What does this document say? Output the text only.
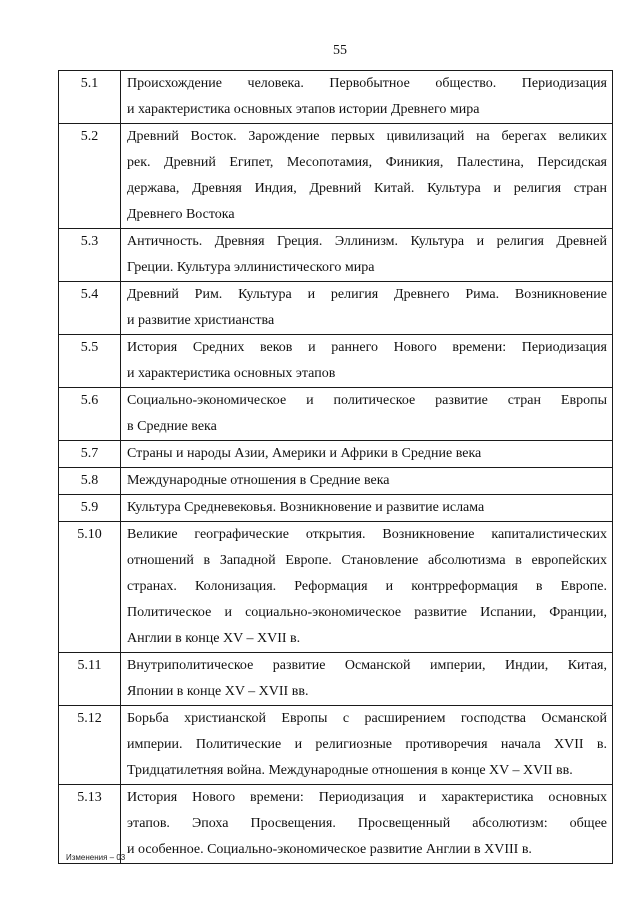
55
5.1	Происхождение человека. Первобытное общество. Периодизация
и характеристика основных этапов истории Древнего мира

5.2	Древний Восток. Зарождение первых цивилизаций на берегах великих
рек. Древний Египет, Месопотамия, Финикия, Палестина, Персидская
держава, Древняя Индия, Древний Китай. Культура и религия стран
Древнего Востока

5.3	Античность. Древняя Греция. Эллинизм. Культура и религия Древней
Греции. Культура эллинистического мира

5.4	Древний Рим. Культура и религия Древнего Рима. Возникновение
и развитие христианства

5.5	История Средних веков и раннего Нового времени: Периодизация
и характеристика основных этапов

5.6	Социально-экономическое и политическое развитие стран Европы
в Средние века

5.7	Страны и народы Азии, Америки и Африки в Средние века

5.8	Международные отношения в Средние века

5.9	Культура Средневековья. Возникновение и развитие ислама

5.10	Великие географические открытия. Возникновение капиталистических
отношений в Западной Европе. Становление абсолютизма в европейских
странах. Колонизация. Реформация и контрреформация в Европе.
Политическое и социально-экономическое развитие Испании, Франции,
Англии в конце XV – XVII в.

5.11	Внутриполитическое развитие Османской империи, Индии, Китая,
Японии в конце XV – XVII вв.

5.12	Борьба христианской Европы с расширением господства Османской
империи. Политические и религиозные противоречия начала XVII в.
Тридцатилетняя война. Международные отношения в конце XV – XVII вв.

5.13	История Нового времени: Периодизация и характеристика основных
этапов. Эпоха Просвещения. Просвещенный абсолютизм: общее
и особенное. Социально-экономическое развитие Англии в XVIII в.
Изменения – 03
